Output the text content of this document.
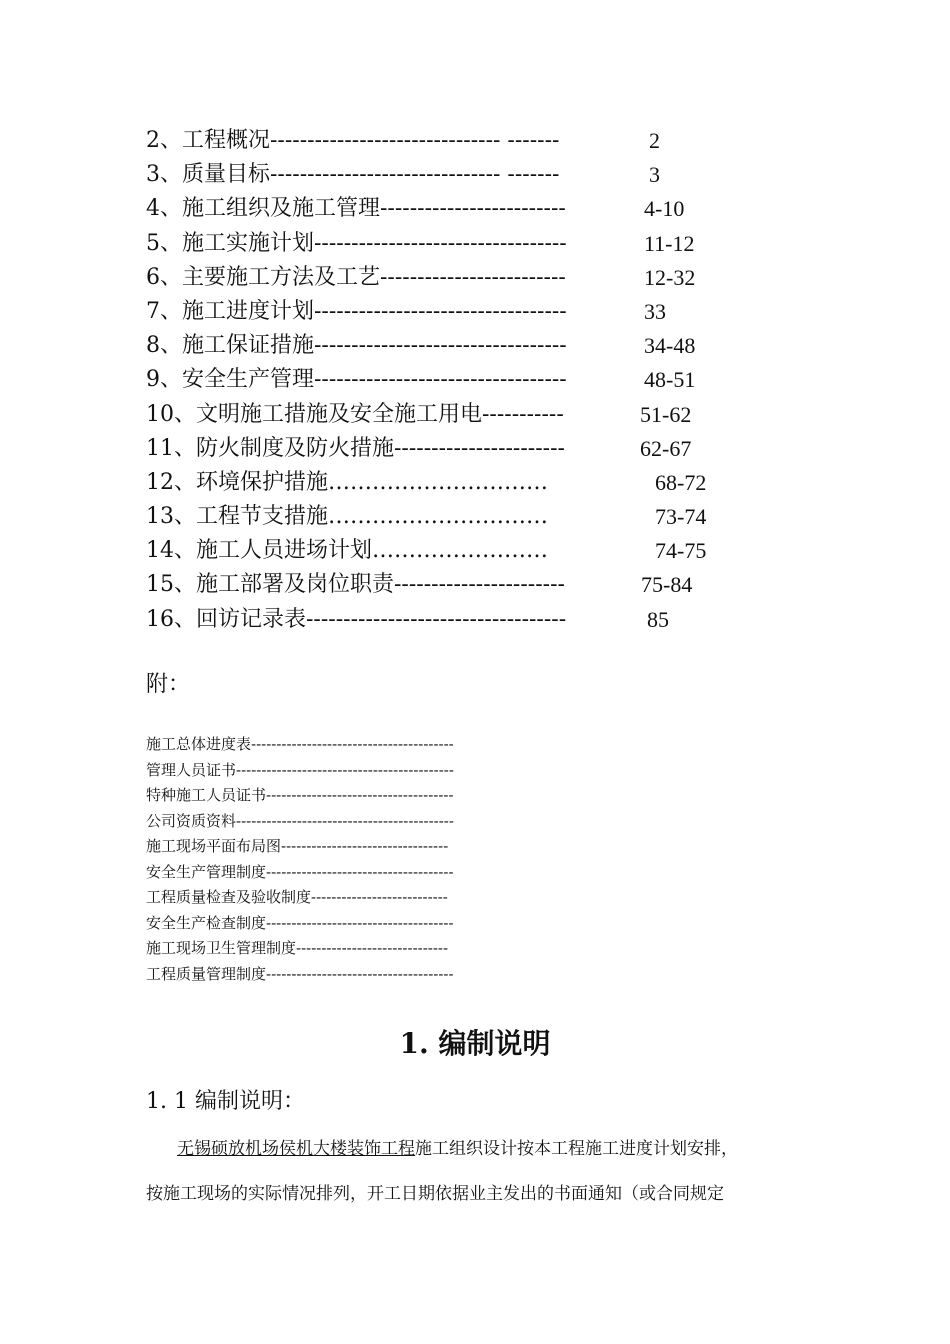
2、工程概况------------------------------- -------	2
3、质量目标------------------------------- -------	3
4、施工组织及施工管理-------------------------	4-10
5、施工实施计划----------------------------------	11-12
6、主要施工方法及工艺-------------------------	12-32
7、施工进度计划----------------------------------	33
8、施工保证措施----------------------------------	34-48
9、安全生产管理----------------------------------	48-51
10、文明施工措施及安全施工用电-----------	51-62
11、防火制度及防火措施-----------------------	62-67
12、环境保护措施…………………………	68-72
13、工程节支措施…………………………	73-74
14、施工人员进场计划……………………	74-75
15、施工部署及岗位职责-----------------------	75-84
16、回访记录表-----------------------------------	85
附：
施工总体进度表----------------------------------------
管理人员证书-------------------------------------------
特种施工人员证书-------------------------------------
公司资质资料-------------------------------------------
施工现场平面布局图---------------------------------
安全生产管理制度-------------------------------------
工程质量检查及验收制度---------------------------
安全生产检查制度-------------------------------------
施工现场卫生管理制度------------------------------
工程质量管理制度-------------------------------------
1. 编制说明
1. 1 编制说明：
无锡硕放机场侯机大楼装饰工程施工组织设计按本工程施工进度计划安排，
按施工现场的实际情况排列，开工日期依据业主发出的书面通知（或合同规定
